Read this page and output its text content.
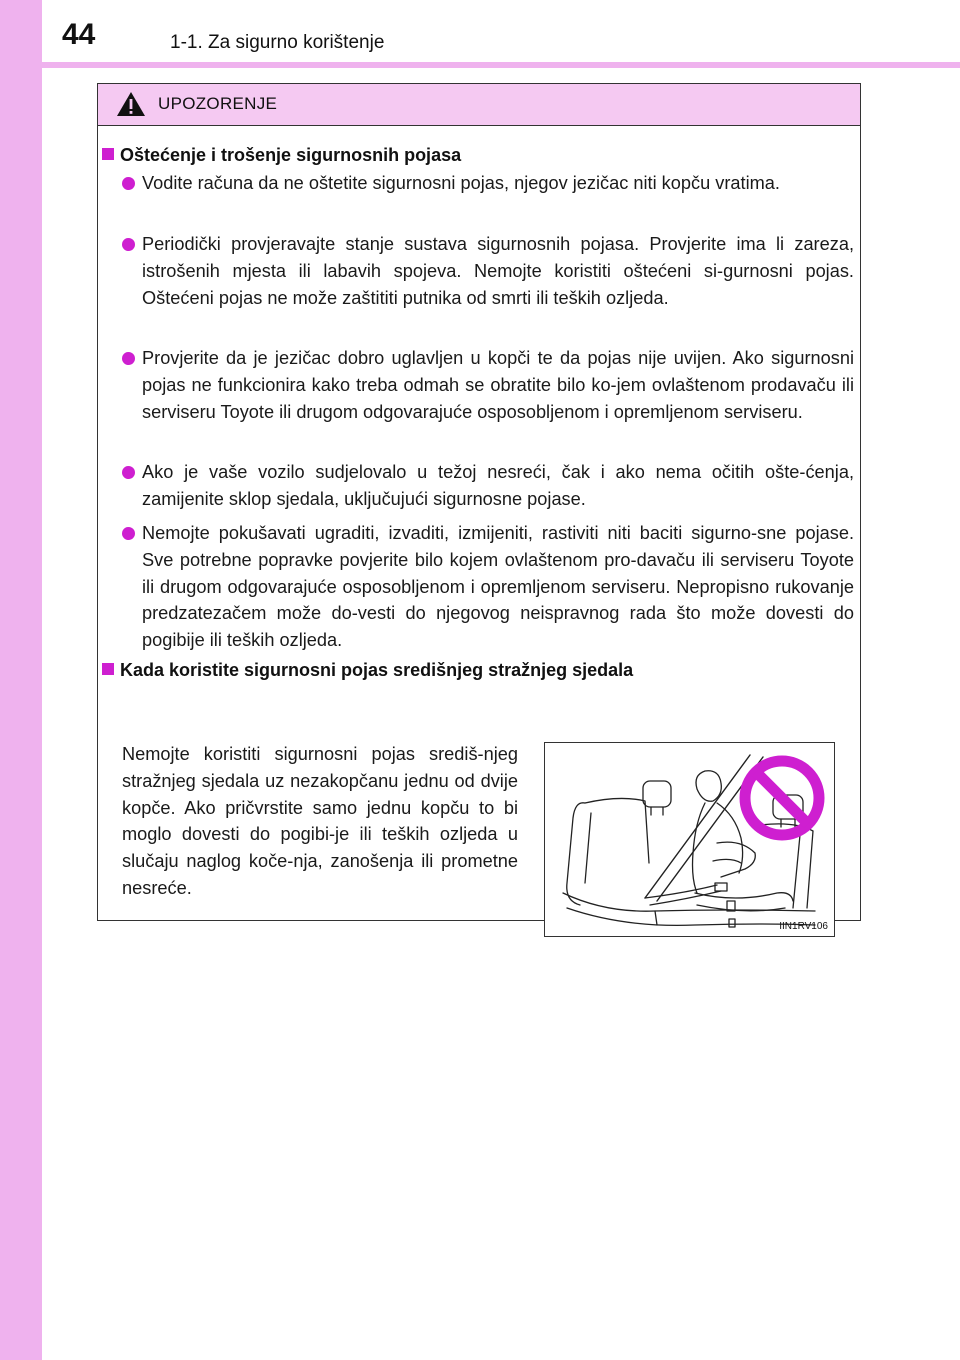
44	1-1. Za sigurno korištenje
UPOZORENJE
Oštećenje i trošenje sigurnosnih pojasa
Vodite računa da ne oštetite sigurnosni pojas, njegov jezičac niti kopču vratima.
Periodički provjeravajte stanje sustava sigurnosnih pojasa. Provjerite ima li zareza, istrošenih mjesta ili labavih spojeva. Nemojte koristiti oštećeni si-gurnosni pojas. Oštećeni pojas ne može zaštititi putnika od smrti ili teških ozljeda.
Provjerite da je jezičac dobro uglavljen u kopči te da pojas nije uvijen. Ako sigurnosni pojas ne funkcionira kako treba odmah se obratite bilo ko-jem ovlaštenom prodavaču ili serviseru Toyote ili drugom odgovarajuće osposobljenom i opremljenom serviseru.
Ako je vaše vozilo sudjelovalo u težoj nesreći, čak i ako nema očitih ošte-ćenja, zamijenite sklop sjedala, uključujući sigurnosne pojase.
Nemojte pokušavati ugraditi, izvaditi, izmijeniti, rastiviti niti baciti sigurno-sne pojase. Sve potrebne popravke povjerite bilo kojem ovlaštenom pro-davaču ili serviseru Toyote ili drugom odgovarajuće osposobljenom i opremljenom serviseru. Nepropisno rukovanje predzatezačem može do-vesti do njegovog neispravnog rada što može dovesti do pogibije ili teških ozljeda.
Kada koristite sigurnosni pojas središnjeg stražnjeg sjedala
Nemojte koristiti sigurnosni pojas središ-njeg stražnjeg sjedala uz nezakopčanu jednu od dvije kopče. Ako pričvrstite samo jednu kopču to bi moglo dovesti do pogibi-je ili teških ozljeda u slučaju naglog koče-nja, zanošenja ili prometne nesreće.
IIN1RV106
